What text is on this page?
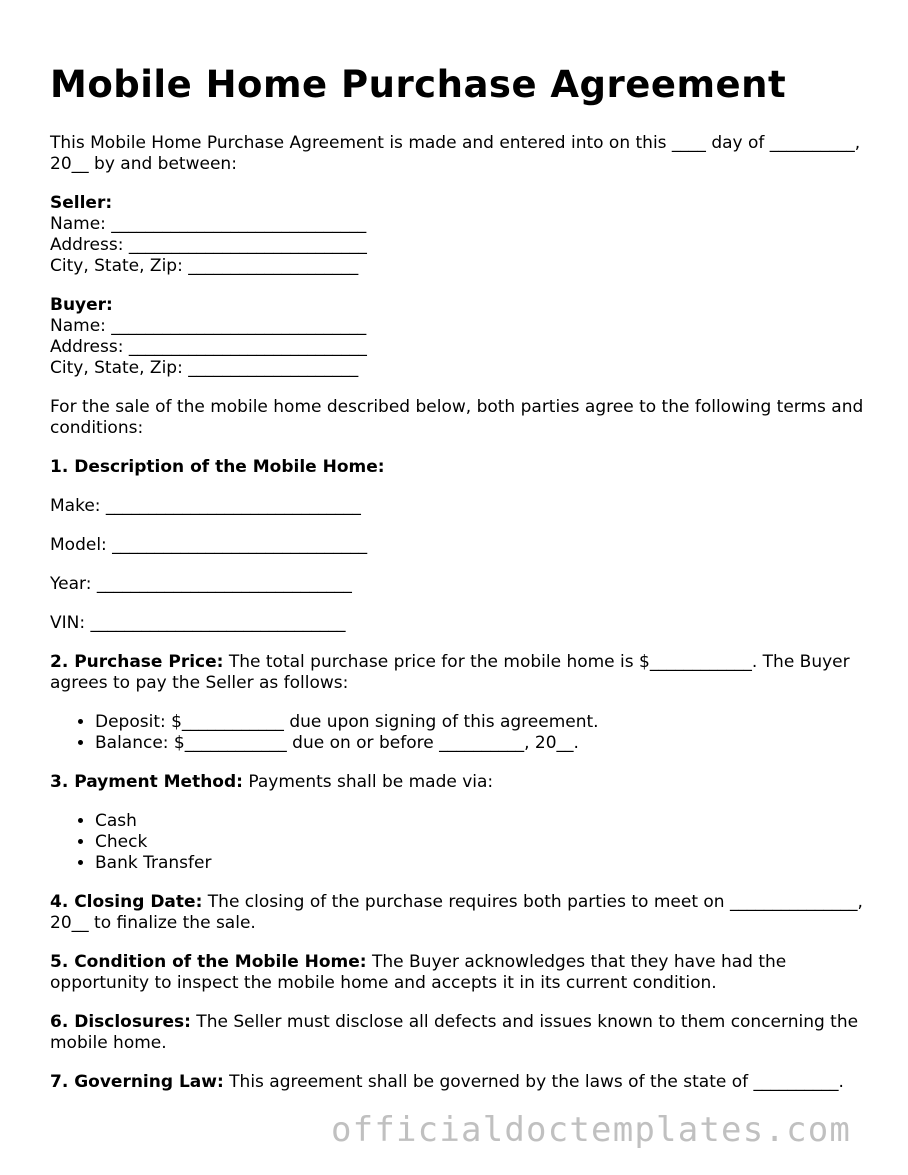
Mobile Home Purchase Agreement

This Mobile Home Purchase Agreement is made and entered into on this ____ day of __________, 20__ by and between:

Seller:
Name: ______________________________
Address: ____________________________
City, State, Zip: ____________________
Buyer:
Name: ______________________________
Address: ____________________________
City, State, Zip: ____________________

For the sale of the mobile home described below, both parties agree to the following terms and conditions:

1. Description of the Mobile Home:

Make: ______________________________
Model: ______________________________
Year: ______________________________
VIN: ______________________________

2. Purchase Price: The total purchase price for the mobile home is $____________. The Buyer agrees to pay the Seller as follows:

• Deposit: $____________ due upon signing of this agreement.
• Balance: $____________ due on or before __________, 20__.

3. Payment Method: Payments shall be made via:

• Cash
• Check
• Bank Transfer

4. Closing Date: The closing of the purchase requires both parties to meet on _______________, 20__ to finalize the sale.

5. Condition of the Mobile Home: The Buyer acknowledges that they have had the opportunity to inspect the mobile home and accepts it in its current condition.

6. Disclosures: The Seller must disclose all defects and issues known to them concerning the mobile home.

7. Governing Law: This agreement shall be governed by the laws of the state of __________.

officialdoctemplates.com
